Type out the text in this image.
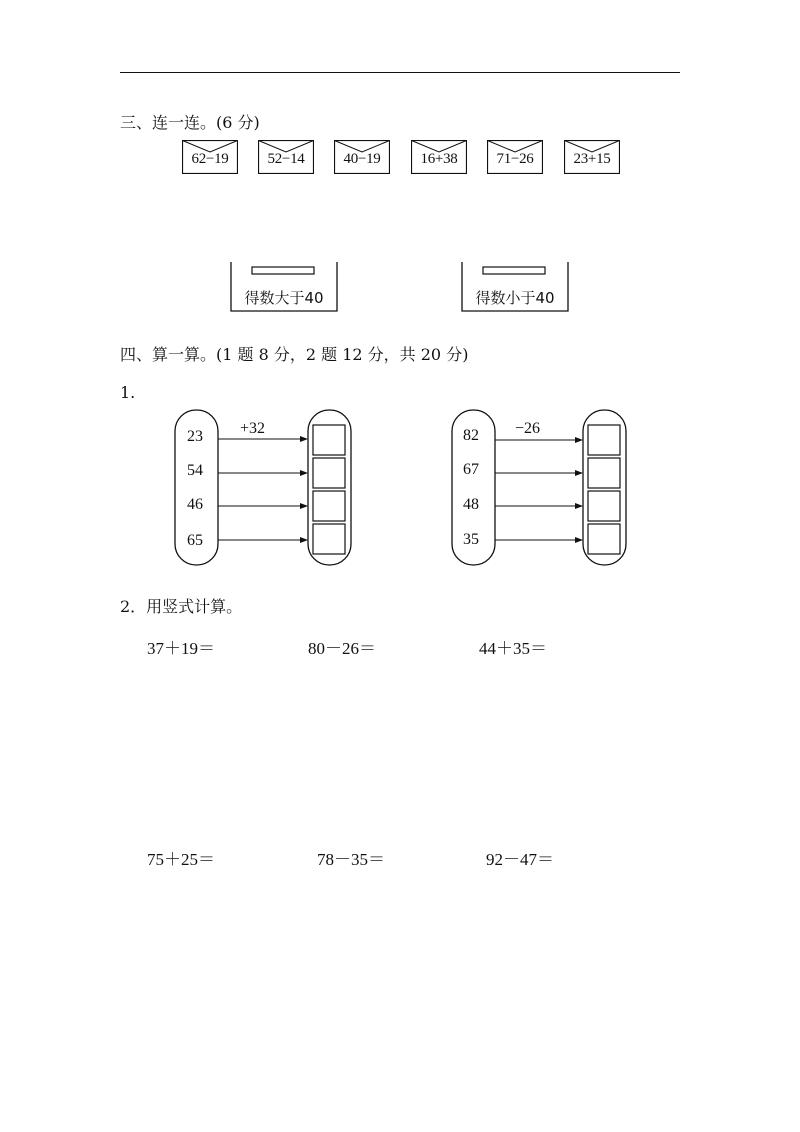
三、连一连。(6 分)
62−19	52−14	40−19	16+38	71−26	23+15
得数大于40	得数小于40
四、算一算。(1 题 8 分，2 题 12 分，共 20 分)
1.
+32
23
54
46
65
−26
82
67
48
35
2．用竖式计算。
37＋19＝	80－26＝	44＋35＝
75＋25＝	78－35＝	92－47＝
